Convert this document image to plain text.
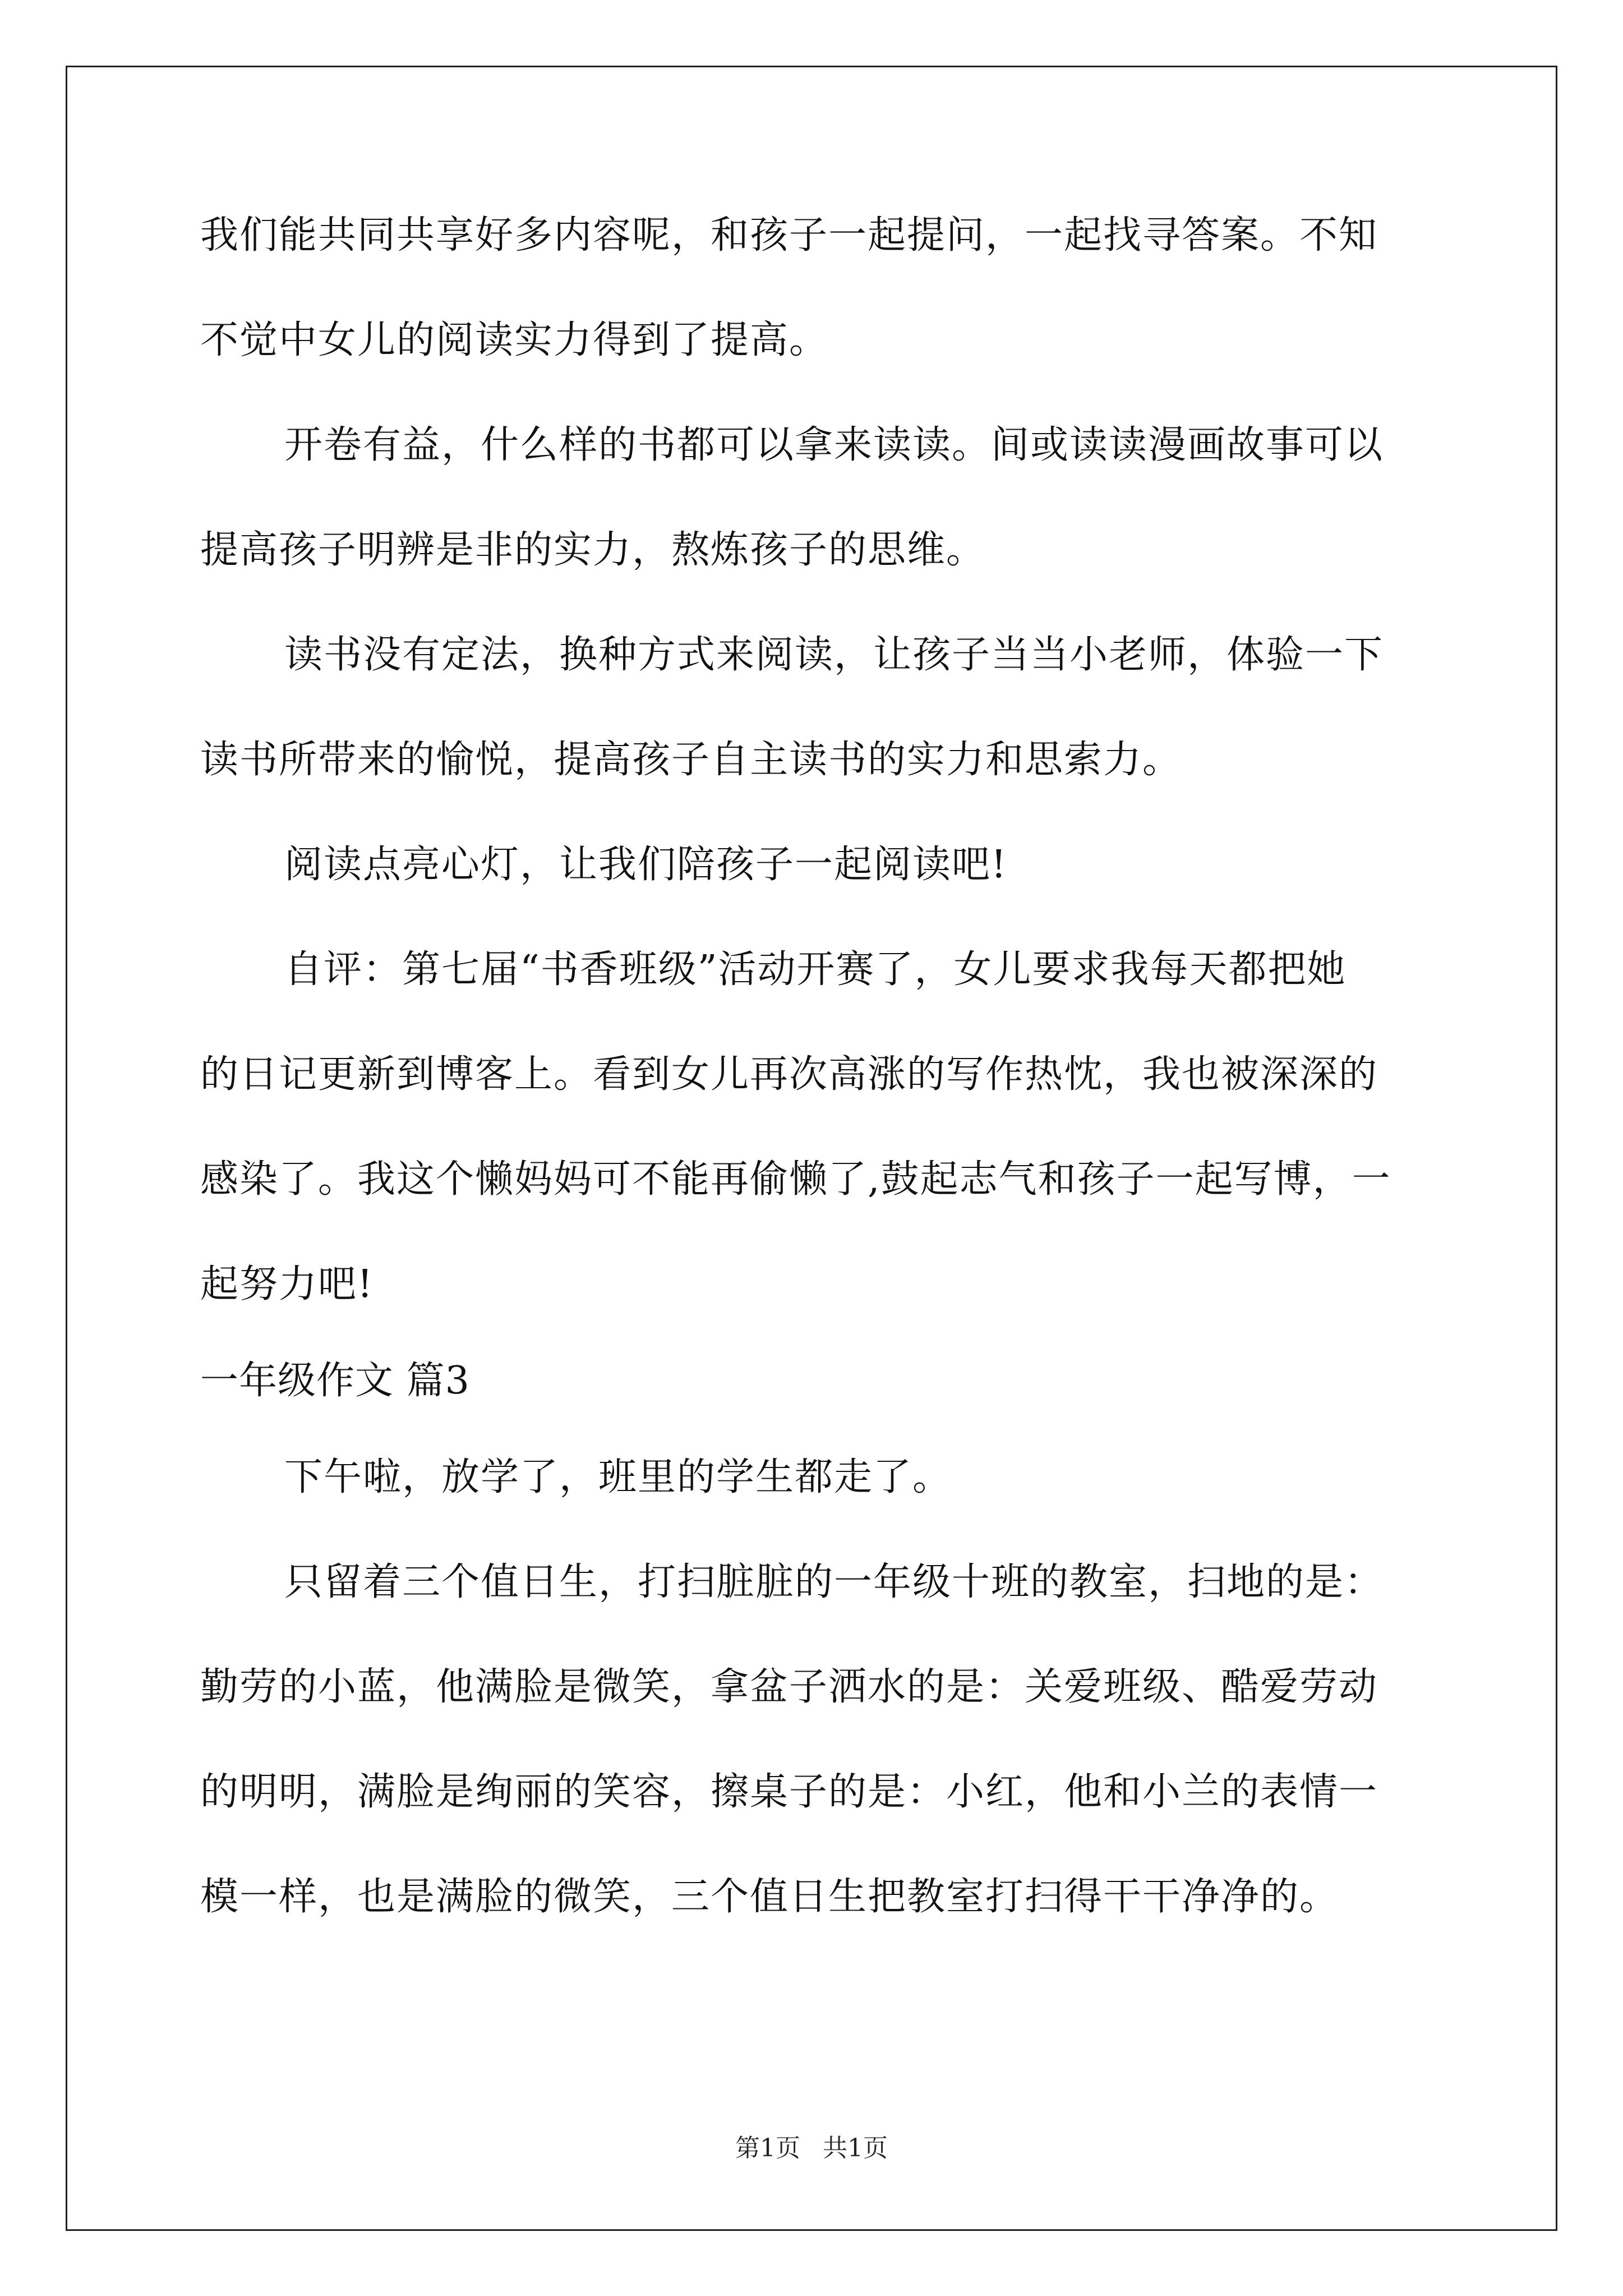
我们能共同共享好多内容呢，和孩子一起提问，一起找寻答案。不知
不觉中女儿的阅读实力得到了提高。
开卷有益，什么样的书都可以拿来读读。间或读读漫画故事可以
提高孩子明辨是非的实力，熬炼孩子的思维。
读书没有定法，换种方式来阅读，让孩子当当小老师，体验一下
读书所带来的愉悦，提高孩子自主读书的实力和思索力。
阅读点亮心灯，让我们陪孩子一起阅读吧!
自评：第七届“书香班级”活动开赛了，女儿要求我每天都把她
的日记更新到博客上。看到女儿再次高涨的写作热忱，我也被深深的
感染了。我这个懒妈妈可不能再偷懒了,鼓起志气和孩子一起写博，一
起努力吧!
一年级作文 篇3
下午啦，放学了，班里的学生都走了。
只留着三个值日生，打扫脏脏的一年级十班的教室，扫地的是：
勤劳的小蓝，他满脸是微笑，拿盆子洒水的是：关爱班级、酷爱劳动
的明明，满脸是绚丽的笑容，擦桌子的是：小红，他和小兰的表情一
模一样，也是满脸的微笑，三个值日生把教室打扫得干干净净的。
第1页 共1页
